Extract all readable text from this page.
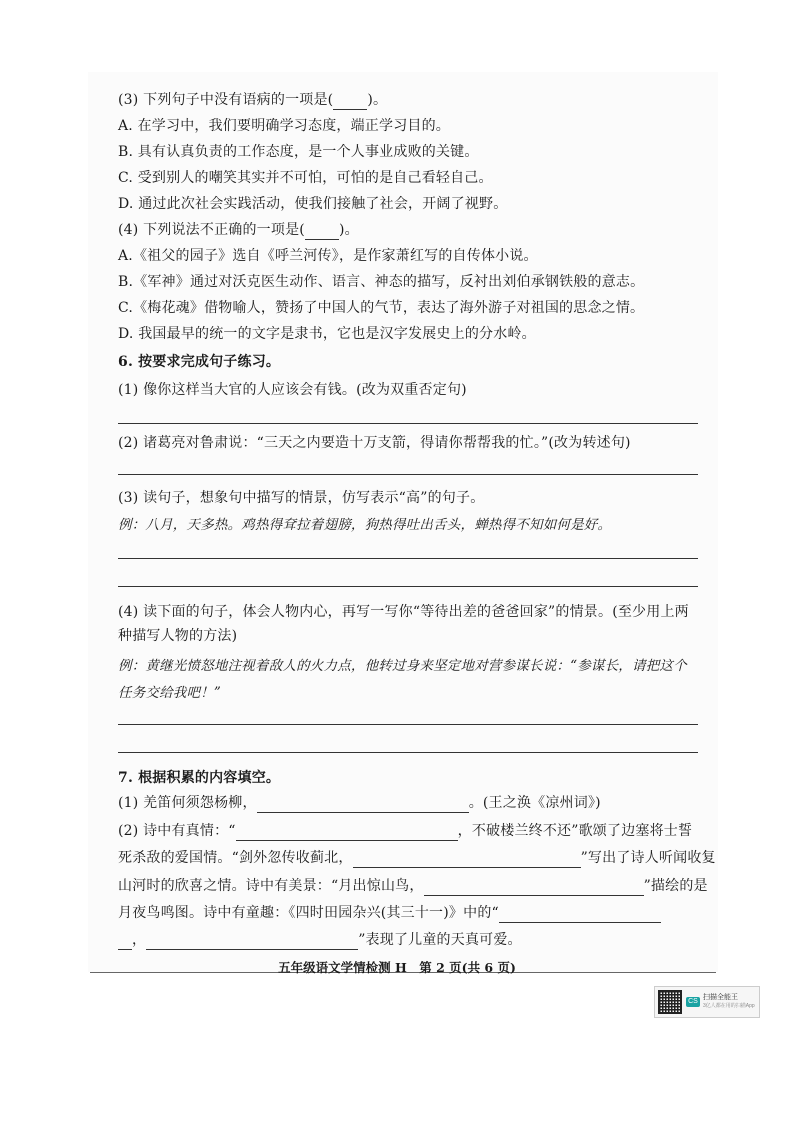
(3) 下列句子中没有语病的一项是( )。
A. 在学习中，我们要明确学习态度，端正学习目的。
B. 具有认真负责的工作态度，是一个人事业成败的关键。
C. 受到别人的嘲笑其实并不可怕，可怕的是自己看轻自己。
D. 通过此次社会实践活动，使我们接触了社会，开阔了视野。
(4) 下列说法不正确的一项是( )。
A.《祖父的园子》选自《呼兰河传》，是作家萧红写的自传体小说。
B.《军神》通过对沃克医生动作、语言、神态的描写，反衬出刘伯承钢铁般的意志。
C.《梅花魂》借物喻人，赞扬了中国人的气节，表达了海外游子对祖国的思念之情。
D. 我国最早的统一的文字是隶书，它也是汉字发展史上的分水岭。
6. 按要求完成句子练习。
(1) 像你这样当大官的人应该会有钱。(改为双重否定句)
(2) 诸葛亮对鲁肃说：“三天之内要造十万支箭，得请你帮帮我的忙。”(改为转述句)
(3) 读句子，想象句中描写的情景，仿写表示“高”的句子。
例：八月，天多热。鸡热得耷拉着翅膀，狗热得吐出舌头，蝉热得不知如何是好。
(4) 读下面的句子，体会人物内心，再写一写你“等待出差的爸爸回家”的情景。(至少用上两
种描写人物的方法)
例：黄继光愤怒地注视着敌人的火力点，他转过身来坚定地对营参谋长说：“参谋长，请把这个
任务交给我吧！”
7. 根据积累的内容填空。
(1) 羌笛何须怨杨柳，	。(王之涣《凉州词》)
(2) 诗中有真情：“	，不破楼兰终不还”歌颂了边塞将士誓
死杀敌的爱国情。“剑外忽传收蓟北，	”写出了诗人听闻收复
山河时的欣喜之情。诗中有美景：“月出惊山鸟，	”描绘的是
月夜鸟鸣图。诗中有童趣：《四时田园杂兴(其三十一)》中的“
，	”表现了儿童的天真可爱。
五年级语文学情检测 H　第 2 页(共 6 页)
CS
扫描全能王
3亿人都在用的扫描App
